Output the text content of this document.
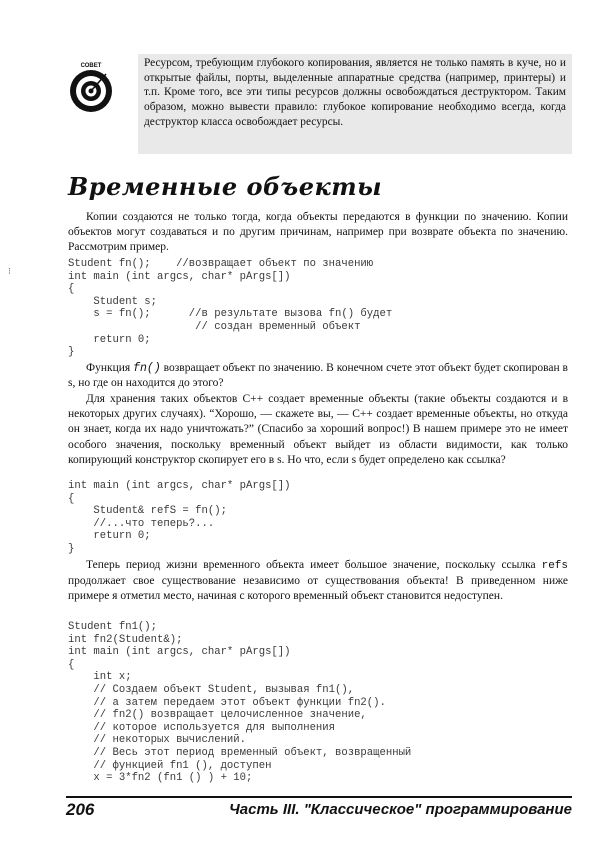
СОВЕТ	Ресурсом, требующим глубокого копирования, является не только память в куче, но и открытые файлы, порты, выделенные аппаратные средства (например, принтеры) и т.п. Кроме того, все эти типы ресурсов должны освобождаться деструктором. Таким образом, можно вывести правило: глубокое копирование необходимо всегда, когда деструктор класса освобождает ресурсы.
Временные объекты
Копии создаются не только тогда, когда объекты передаются в функции по значению. Копии объектов могут создаваться и по другим причинам, например при возврате объекта по значению. Рассмотрим пример.
Student fn();    //возвращает объект по значению
int main (int argcs, char* pArgs[])
{
Student s;
s = fn();      //в результате вызова fn() будет
// создан временный объект
return 0;
}
Функция fn() возвращает объект по значению. В конечном счете этот объект будет скопирован в s, но где он находится до этого?
Для хранения таких объектов С++ создает временные объекты (такие объекты создаются и в некоторых других случаях). “Хорошо, — скажете вы, — С++ создает временные объекты, но откуда он знает, когда их надо уничтожать?” (Спасибо за хороший вопрос!) В нашем примере это не имеет особого значения, поскольку временный объект выйдет из области видимости, как только копирующий конструктор скопирует его в s. Но что, если s будет определено как ссылка?
int main (int argcs, char* pArgs[])
{
Student& refS = fn();
//...что теперь?...
return 0;
}
Теперь период жизни временного объекта имеет большое значение, поскольку ссылка refs продолжает свое существование независимо от существования объекта! В приведенном ниже примере я отметил место, начиная с которого временный объект становится недоступен.
Student fn1();
int fn2(Student&);
int main (int argcs, char* pArgs[])
{
int x;
// Создаем объект Student, вызывая fn1(),
// а затем передаем этот объект функции fn2().
// fn2() возвращает целочисленное значение,
// которое используется для выполнения
// некоторых вычислений.
// Весь этот период временный объект, возвращенный
// функцией fn1 (), доступен
x = 3*fn2 (fn1 () ) + 10;
⁝
206	Часть III. "Классическое" программирование
